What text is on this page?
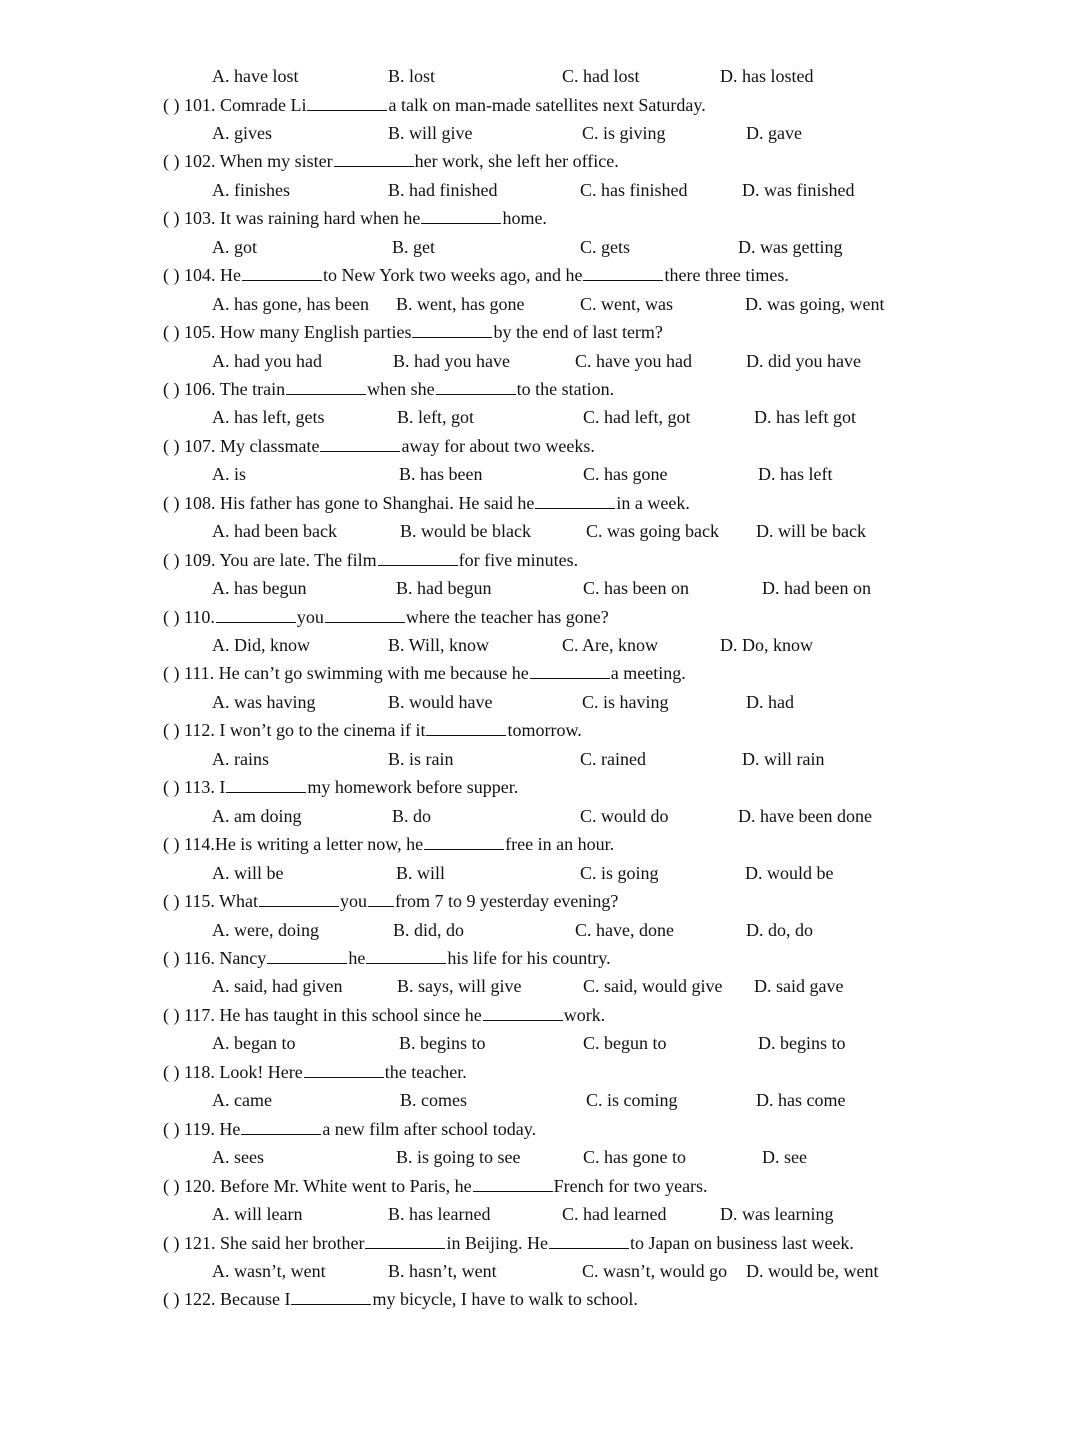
A. have lost	B. lost	C. had lost	D. has losted
( ) 101. Comrade Li	a talk on man-made satellites next Saturday.
A. gives	B. will give	C. is giving	D. gave
( ) 102. When my sister	her work, she left her office.
A. finishes	B. had finished	C. has finished	D. was finished
( ) 103. It was raining hard when he	home.
A. got	B. get	C. gets	D. was getting
( ) 104. He	to New York two weeks ago, and he	there three times.
A. has gone, has been B. went, has gone	C. went, was	D. was going, went
( ) 105. How many English parties	by the end of last term?
A. had you had	B. had you have	C. have you had	D. did you have
( ) 106. The train	when she	to the station.
A. has left, gets	B. left, got	C. had left, got	D. has left got
( ) 107. My classmate	away for about two weeks.
A. is	B. has been	C. has gone	D. has left
( ) 108. His father has gone to Shanghai. He said he	in a week.
A. had been back	B. would be black	C. was going back D. will be back
( ) 109. You are late. The film	for five minutes.
A. has begun	B. had begun	C. has been on	D. had been on
( ) 110.	you	where the teacher has gone?
A. Did, know	B. Will, know	C. Are, know	D. Do, know
( ) 111. He can’t go swimming with me because he	a meeting.
A. was having	B. would have	C. is having	D. had
( ) 112. I won’t go to the cinema if it	tomorrow.
A. rains	B. is rain	C. rained	D. will rain
( ) 113. I	my homework before supper.
A. am doing	B. do	C. would do	D. have been done
( ) 114.He is writing a letter now, he	free in an hour.
A. will be	B. will	C. is going	D. would be
( ) 115. What	you from 7 to 9 yesterday evening?
A. were, doing	B. did, do	C. have, done	D. do, do
( ) 116. Nancy	he	his life for his country.
A. said, had given	B. says, will give	C. said, would give D. said gave
( ) 117. He has taught in this school since he	work.
A. began to	B. begins to	C. begun to	D. begins to
( ) 118. Look! Here	the teacher.
A. came	B. comes	C. is coming	D. has come
( ) 119. He	a new film after school today.
A. sees	B. is going to see	C. has gone to	D. see
( ) 120. Before Mr. White went to Paris, he	French for two years.
A. will learn	B. has learned	C. had learned	D. was learning
( ) 121. She said her brother	in Beijing. He	to Japan on business last week.
A. wasn’t, went	B. hasn’t, went	C. wasn’t, would go D. would be, went
( ) 122. Because I	my bicycle, I have to walk to school.
